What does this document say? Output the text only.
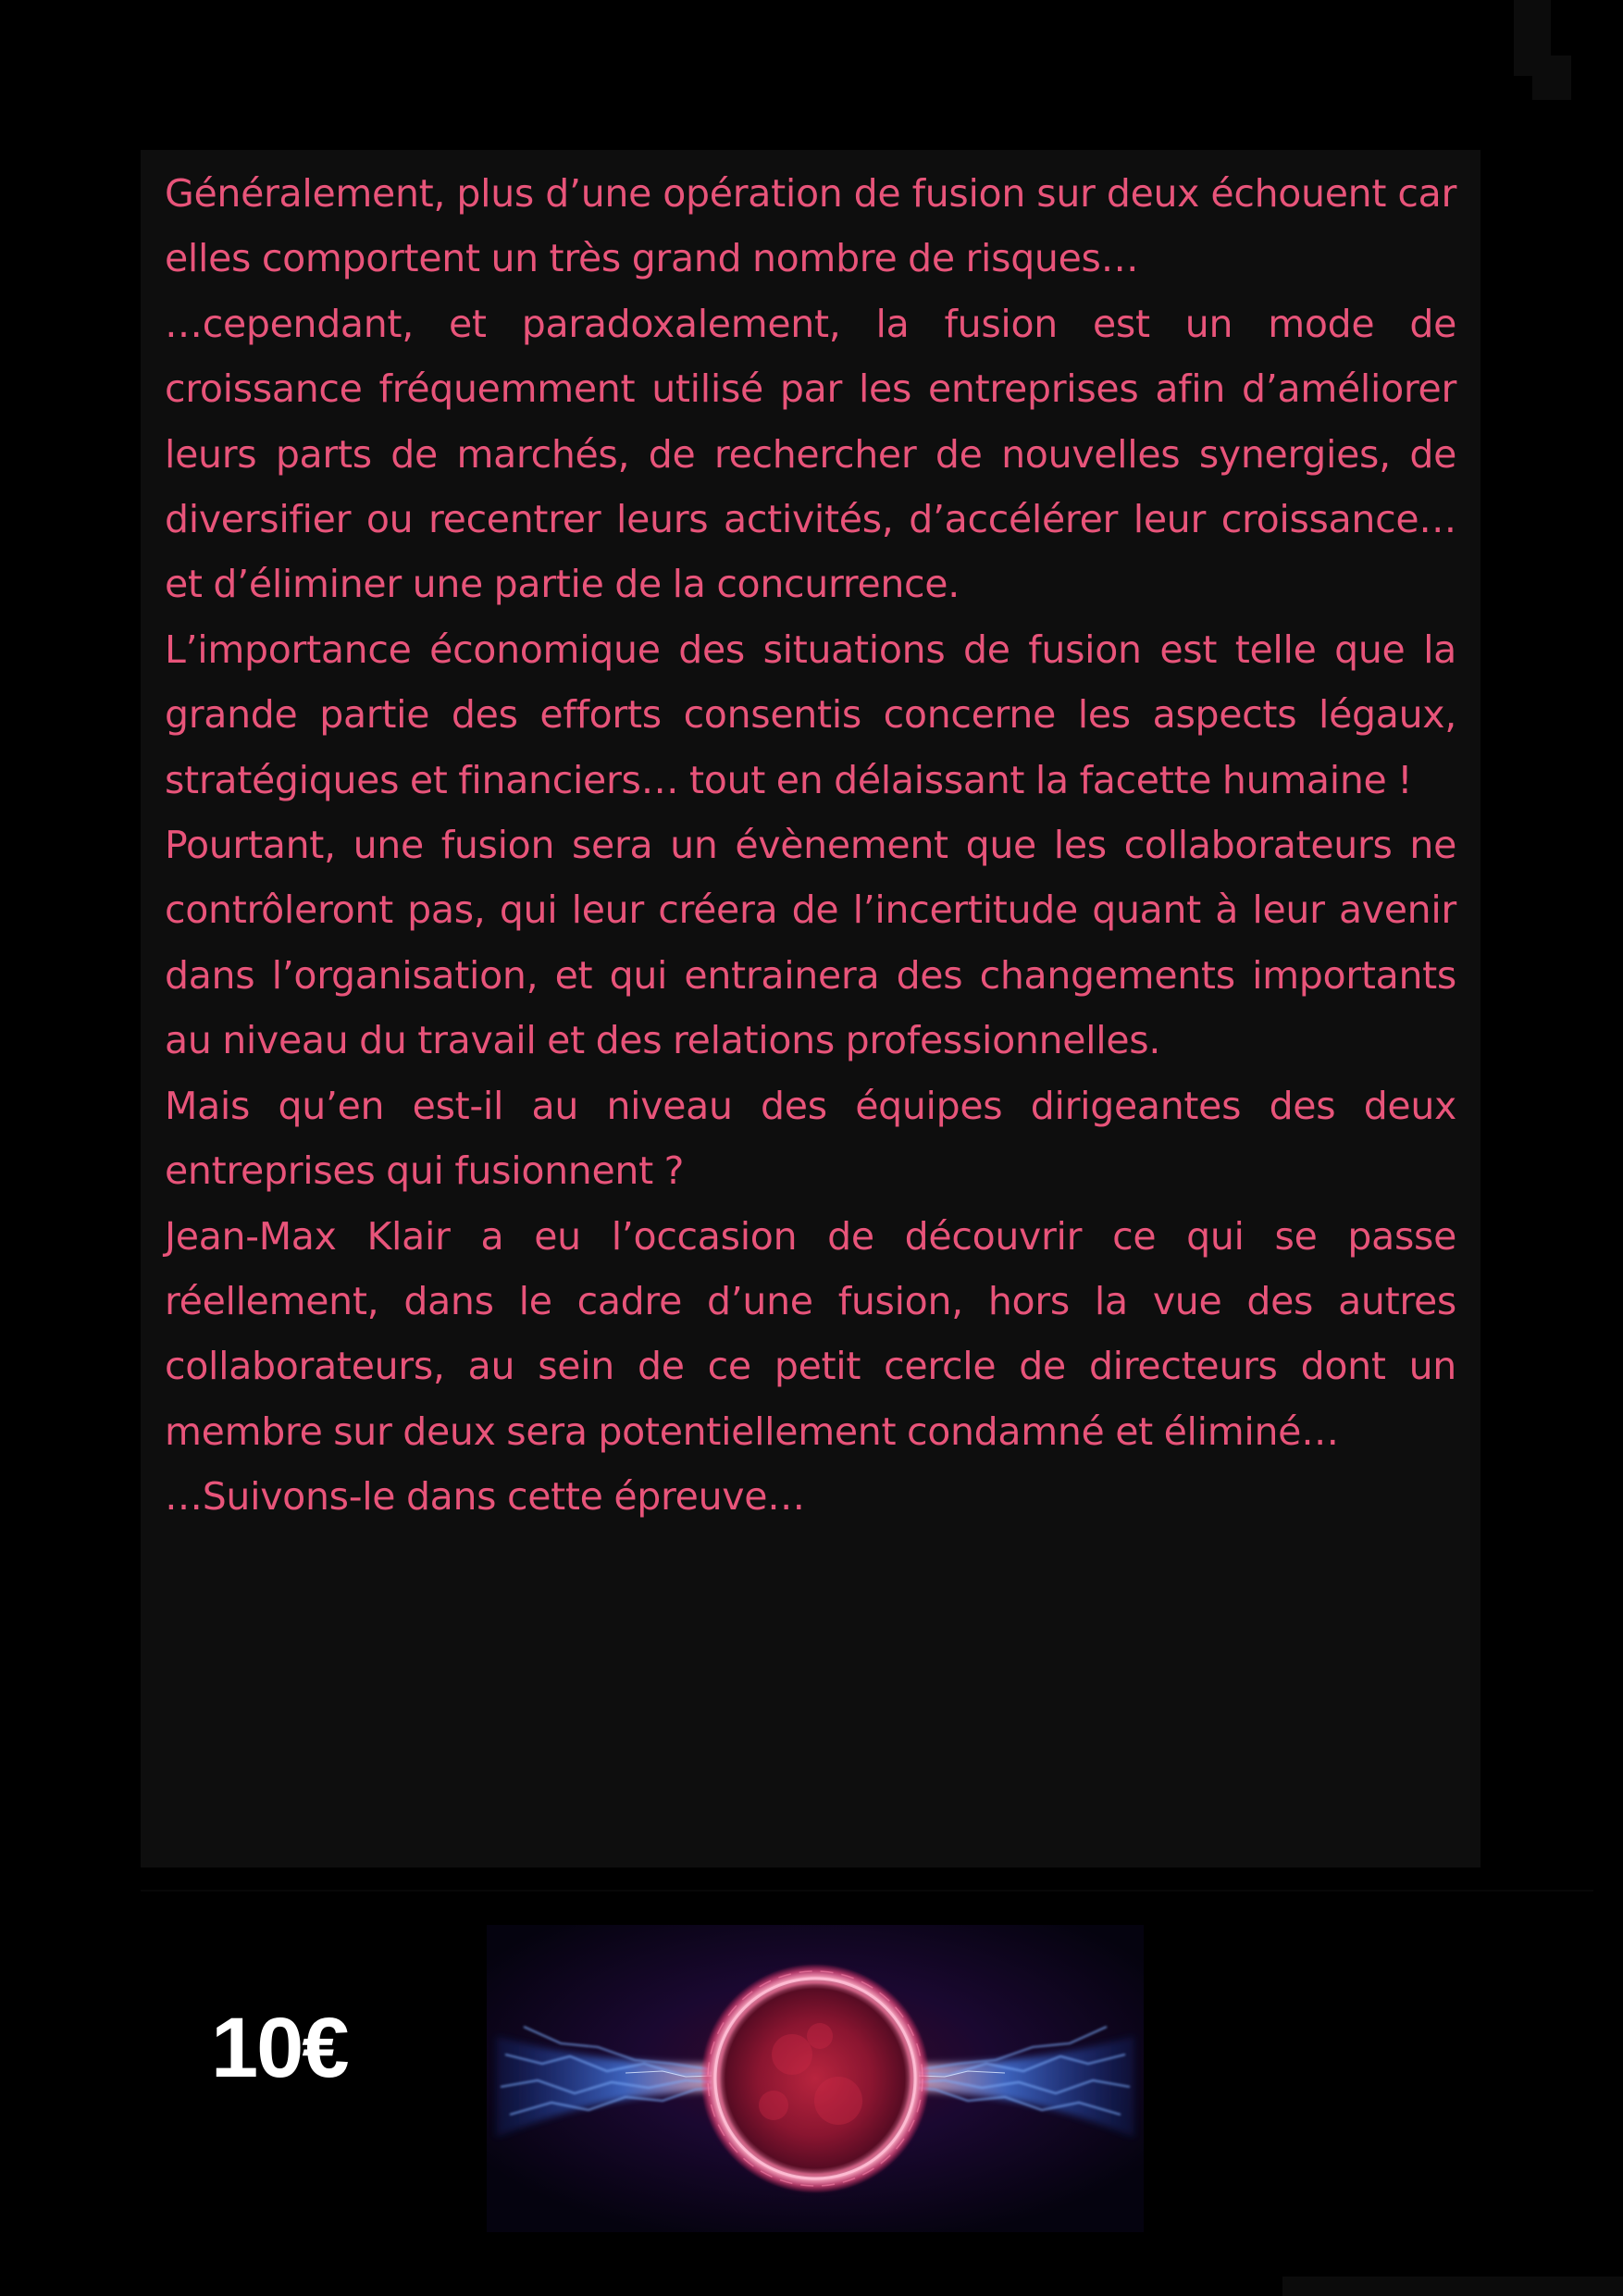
Généralement, plus d’une opération de fusion sur deux échouent car elles comportent un très grand nombre de risques…

…cependant, et paradoxalement, la fusion est un mode de croissance fréquemment utilisé par les entreprises afin d’améliorer leurs parts de marchés, de rechercher de nouvelles synergies, de diversifier ou recentrer leurs activités, d’accélérer leur croissance… et d’éliminer une partie de la concurrence.

L’importance économique des situations de fusion est telle que la grande partie des efforts consentis concerne les aspects légaux, stratégiques et financiers… tout en délaissant la facette humaine !

Pourtant, une fusion sera un évènement que les collaborateurs ne contrôleront pas, qui leur créera de l’incertitude quant à leur avenir dans l’organisation, et qui entrainera des changements importants au niveau du travail et des relations professionnelles.

Mais qu’en est-il au niveau des équipes dirigeantes des deux entreprises qui fusionnent ?

Jean-Max Klair a eu l’occasion de découvrir ce qui se passe réellement, dans le cadre d’une fusion, hors la vue des autres collaborateurs, au sein de ce petit cercle de directeurs dont un membre sur deux sera potentiellement condamné et éliminé…

…Suivons-le dans cette épreuve…

10€
